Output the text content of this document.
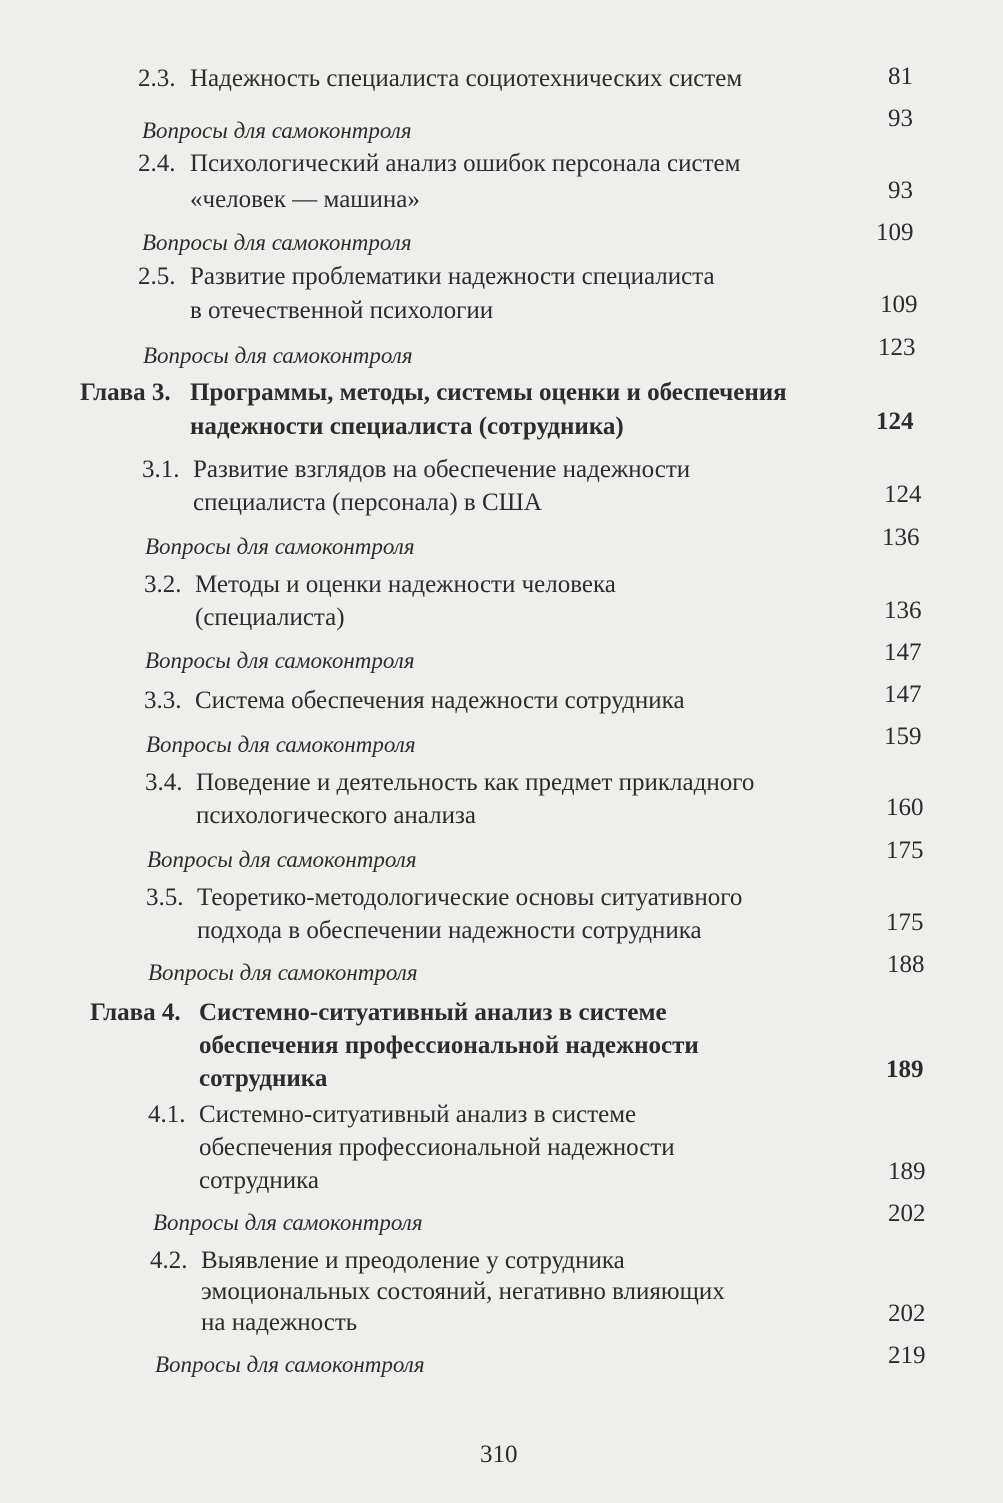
2.3. Надежность специалиста социотехнических систем	81
Вопросы для самоконтроля	93
2.4. Психологический анализ ошибок персонала систем
«человек — машина»	93
Вопросы для самоконтроля	109
2.5. Развитие проблематики надежности специалиста
в отечественной психологии	109
Вопросы для самоконтроля	123
Глава 3. Программы, методы, системы оценки и обеспечения
надежности специалиста (сотрудника)	124
3.1. Развитие взглядов на обеспечение надежности
специалиста (персонала) в США	124
Вопросы для самоконтроля	136
3.2. Методы и оценки надежности человека
(специалиста)	136
Вопросы для самоконтроля	147
3.3. Система обеспечения надежности сотрудника	147
Вопросы для самоконтроля	159
3.4. Поведение и деятельность как предмет прикладного
психологического анализа	160
Вопросы для самоконтроля	175
3.5. Теоретико-методологические основы ситуативного
подхода в обеспечении надежности сотрудника	175
Вопросы для самоконтроля	188
Глава 4. Системно-ситуативный анализ в системе
обеспечения профессиональной надежности
сотрудника	189
4.1. Системно-ситуативный анализ в системе
обеспечения профессиональной надежности
сотрудника	189
Вопросы для самоконтроля	202
4.2. Выявление и преодоление у сотрудника
эмоциональных состояний, негативно влияющих
на надежность	202
Вопросы для самоконтроля	219
310
